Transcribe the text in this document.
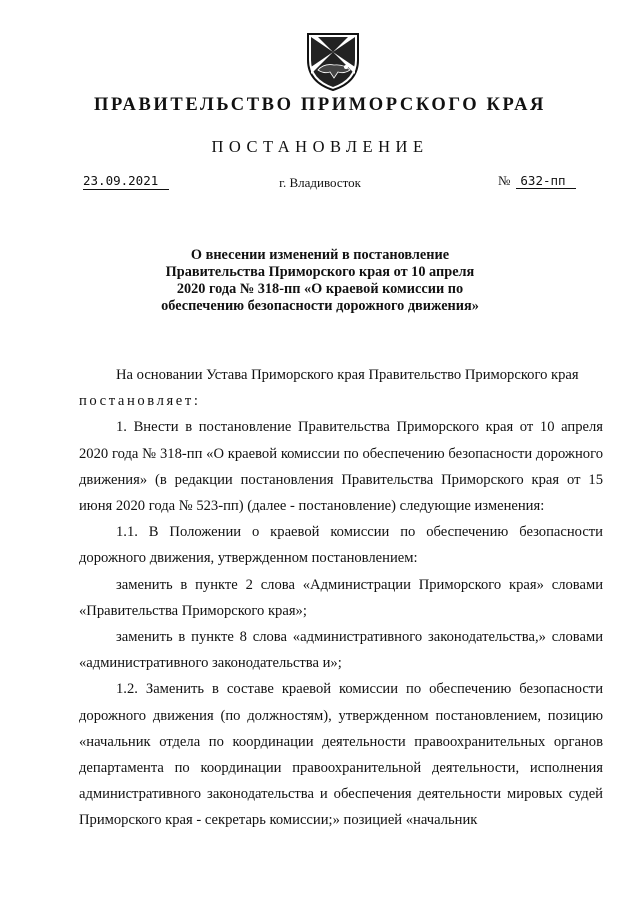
ПРАВИТЕЛЬСТВО ПРИМОРСКОГО КРАЯ
ПОСТАНОВЛЕНИЕ
23.09.2021	г. Владивосток	№ 632-пп
О внесении изменений в постановление
Правительства Приморского края от 10 апреля
2020 года № 318-пп «О краевой комиссии по
обеспечению безопасности дорожного движения»

На основании Устава Приморского края Правительство Приморского края

постановляет:

1. Внести в постановление Правительства Приморского края от 10 апреля 2020 года № 318-пп «О краевой комиссии по обеспечению безопасности дорожного движения» (в редакции постановления Правительства Приморского края от 15 июня 2020 года № 523-пп) (далее - постановление) следующие изменения:

1.1. В Положении о краевой комиссии по обеспечению безопасности дорожного движения, утвержденном постановлением:

заменить в пункте 2 слова «Администрации Приморского края» словами «Правительства Приморского края»;

заменить в пункте 8 слова «административного законодательства,» словами «административного законодательства и»;

1.2. Заменить в составе краевой комиссии по обеспечению безопасности дорожного движения (по должностям), утвержденном постановлением, позицию «начальник отдела по координации деятельности правоохранительных органов департамента по координации правоохранительной деятельности, исполнения административного законодательства и обеспечения деятельности мировых судей Приморского края - секретарь комиссии;» позицией «начальник
